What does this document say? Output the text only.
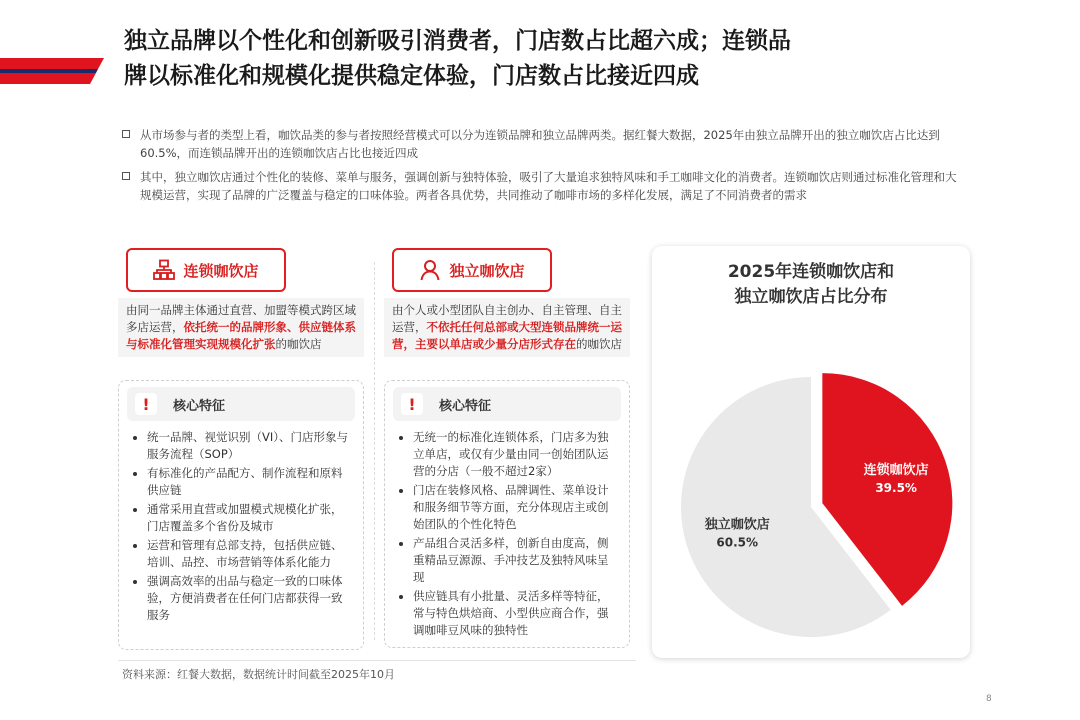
独立品牌以个性化和创新吸引消费者，门店数占比超六成；连锁品
牌以标准化和规模化提供稳定体验，门店数占比接近四成
从市场参与者的类型上看，咖饮品类的参与者按照经营模式可以分为连锁品牌和独立品牌两类。据红餐大数据，2025年由独立品牌开出的独立咖饮店占比达到60.5%，而连锁品牌开出的连锁咖饮店占比也接近四成
其中，独立咖饮店通过个性化的装修、菜单与服务，强调创新与独特体验，吸引了大量追求独特风味和手工咖啡文化的消费者。连锁咖饮店则通过标准化管理和大规模运营，实现了品牌的广泛覆盖与稳定的口味体验。两者各具优势，共同推动了咖啡市场的多样化发展，满足了不同消费者的需求
连锁咖饮店
由同一品牌主体通过直营、加盟等模式跨区域多店运营，依托统一的品牌形象、供应链体系与标准化管理实现规模化扩张的咖饮店
!	核心特征
• 统一品牌、视觉识别（VI）、门店形象与服务流程（SOP）
• 有标准化的产品配方、制作流程和原料供应链
• 通常采用直营或加盟模式规模化扩张，门店覆盖多个省份及城市
• 运营和管理有总部支持，包括供应链、培训、品控、市场营销等体系化能力
• 强调高效率的出品与稳定一致的口味体验，方便消费者在任何门店都获得一致服务
独立咖饮店
由个人或小型团队自主创办、自主管理、自主运营，不依托任何总部或大型连锁品牌统一运营，主要以单店或少量分店形式存在的咖饮店
!	核心特征
• 无统一的标准化连锁体系，门店多为独立单店，或仅有少量由同一创始团队运营的分店（一般不超过2家）
• 门店在装修风格、品牌调性、菜单设计和服务细节等方面，充分体现店主或创始团队的个性化特色
• 产品组合灵活多样，创新自由度高，侧重精品豆源源、手冲技艺及独特风味呈现
• 供应链具有小批量、灵活多样等特征，常与特色烘焙商、小型供应商合作，强调咖啡豆风味的独特性
2025年连锁咖饮店和
独立咖饮店占比分布
连锁咖饮店
39.5%
独立咖饮店
60.5%
资料来源：红餐大数据，数据统计时间截至2025年10月
8
